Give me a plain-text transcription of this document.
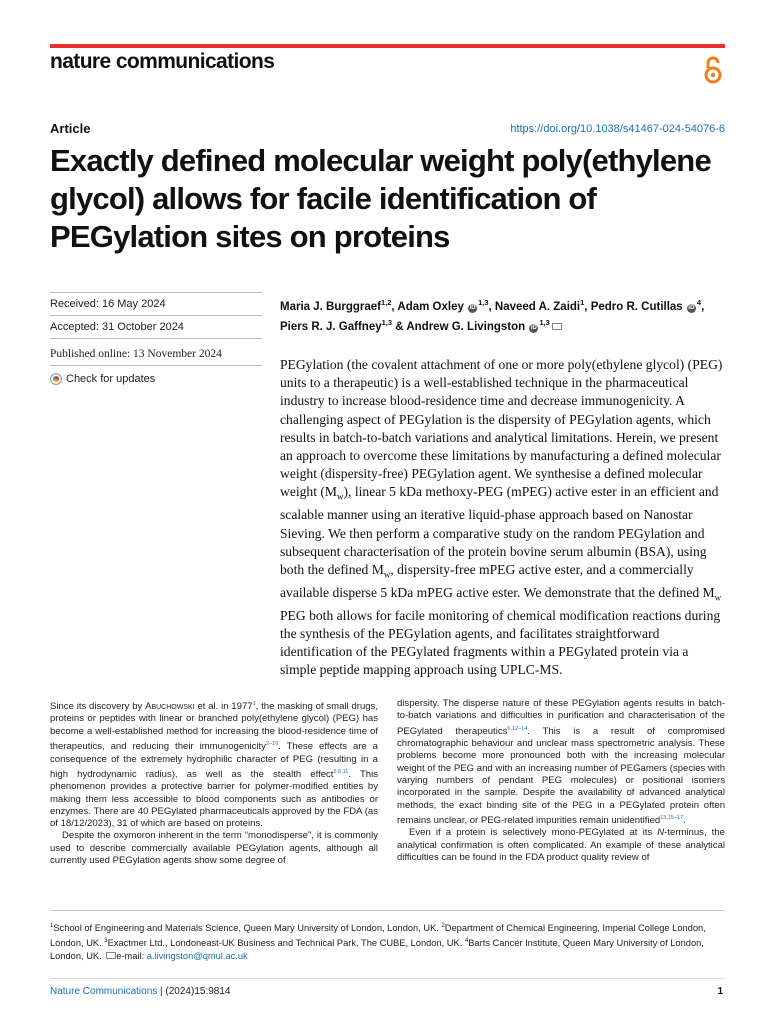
nature communications
Article	https://doi.org/10.1038/s41467-024-54076-6
Exactly defined molecular weight poly(ethylene glycol) allows for facile identification of PEGylation sites on proteins
Received: 16 May 2024
Accepted: 31 October 2024
Published online: 13 November 2024
Check for updates

Maria J. Burggraef$^{1,2}$, Adam Oxley iD$^{1,3}$, Naveed A. Zaidi$^1$, Pedro R. Cutillas $iD^4$, Piers R. J. Gaffney$^{1,3}$ & Andrew G. Livingston iD$^{1,3}$

PEGylation (the covalent attachment of one or more poly(ethylene glycol) (PEG) units to a therapeutic) is a well-established technique in the pharmaceutical industry to increase blood-residence time and decrease immunogenicity. A challenging aspect of PEGylation is the dispersity of PEGylation agents, which results in batch-to-batch variations and analytical limitations. Herein, we present an approach to overcome these limitations by manufacturing a defined molecular weight (dispersity-free) PEGylation agent. We synthesise a defined molecular weight $(M_w)$, linear 5 kDa methoxy-PEG (mPEG) active ester in an efficient and scalable manner using an iterative liquid-phase approach based on Nanostar Sieving. We then perform a comparative study on the random PEGylation and subsequent characterisation of the protein bovine serum albumin (BSA), using both the defined $M_w$, dispersity-free mPEG active ester, and a commercially available disperse 5 kDa mPEG active ester. We demonstrate that the defined $M_w$ PEG both allows for facile monitoring of chemical modification reactions during the synthesis of the PEGylation agents, and facilitates straightforward identification of the PEGylated fragments within a PEGylated protein via a simple peptide mapping approach using UPLC-MS.

Since its discovery by Abuchowski et al. in 1977$^1$, the masking of small drugs, proteins or peptides with linear or branched poly(ethylene glycol) (PEG) has become a well-established method for increasing the blood-residence time of therapeutics, and reducing their immunogenicity$^{2-10}$. These effects are a consequence of the extremely hydrophilic character of PEG (resulting in a high hydrodynamic radius), as well as the stealth effect$^{5,6,11}$. This phenomenon provides a protective barrier for polymer-modified entities by making them less accessible to blood components such as antibodies or enzymes. There are 40 PEGylated pharmaceuticals approved by the FDA (as of 18/12/2023), 31 of which are based on proteins.

Despite the oxymoron inherent in the term “monodisperse”, it is commonly used to describe commercially available PEGylation agents, although all currently used PEGylation agents show some degree of

dispersity. The disperse nature of these PEGylation agents results in batch-to-batch variations and difficulties in purification and characterisation of the PEGylated therapeutics$^{6,12-14}$. This is a result of compromised chromatographic behaviour and unclear mass spectrometric analysis. These problems become more pronounced both with the increasing molecular weight of the PEG and with an increasing number of PEGamers (species with varying numbers of pendant PEG molecules) or positional isomers incorporated in the sample. Despite the availability of advanced analytical methods, the exact binding site of the PEG in a PEGylated protein often remains unclear, or PEG-related impurities remain unidentified$^{13,15-17}$.

Even if a protein is selectively mono-PEGylated at its N-terminus, the analytical confirmation is often complicated. An example of these analytical difficulties can be found in the FDA product quality review of

$^1$School of Engineering and Materials Science, Queen Mary University of London, London, UK. $^2$Department of Chemical Engineering, Imperial College London, London, UK. $^3$Exactmer Ltd., Londoneast-UK Business and Technical Park, The CUBE, London, UK. $^4$Barts Cancer Institute, Queen Mary University of London, London, UK. e-mail: a.livingston@qmul.ac.uk

Nature Communications | (2024)15:9814	1
